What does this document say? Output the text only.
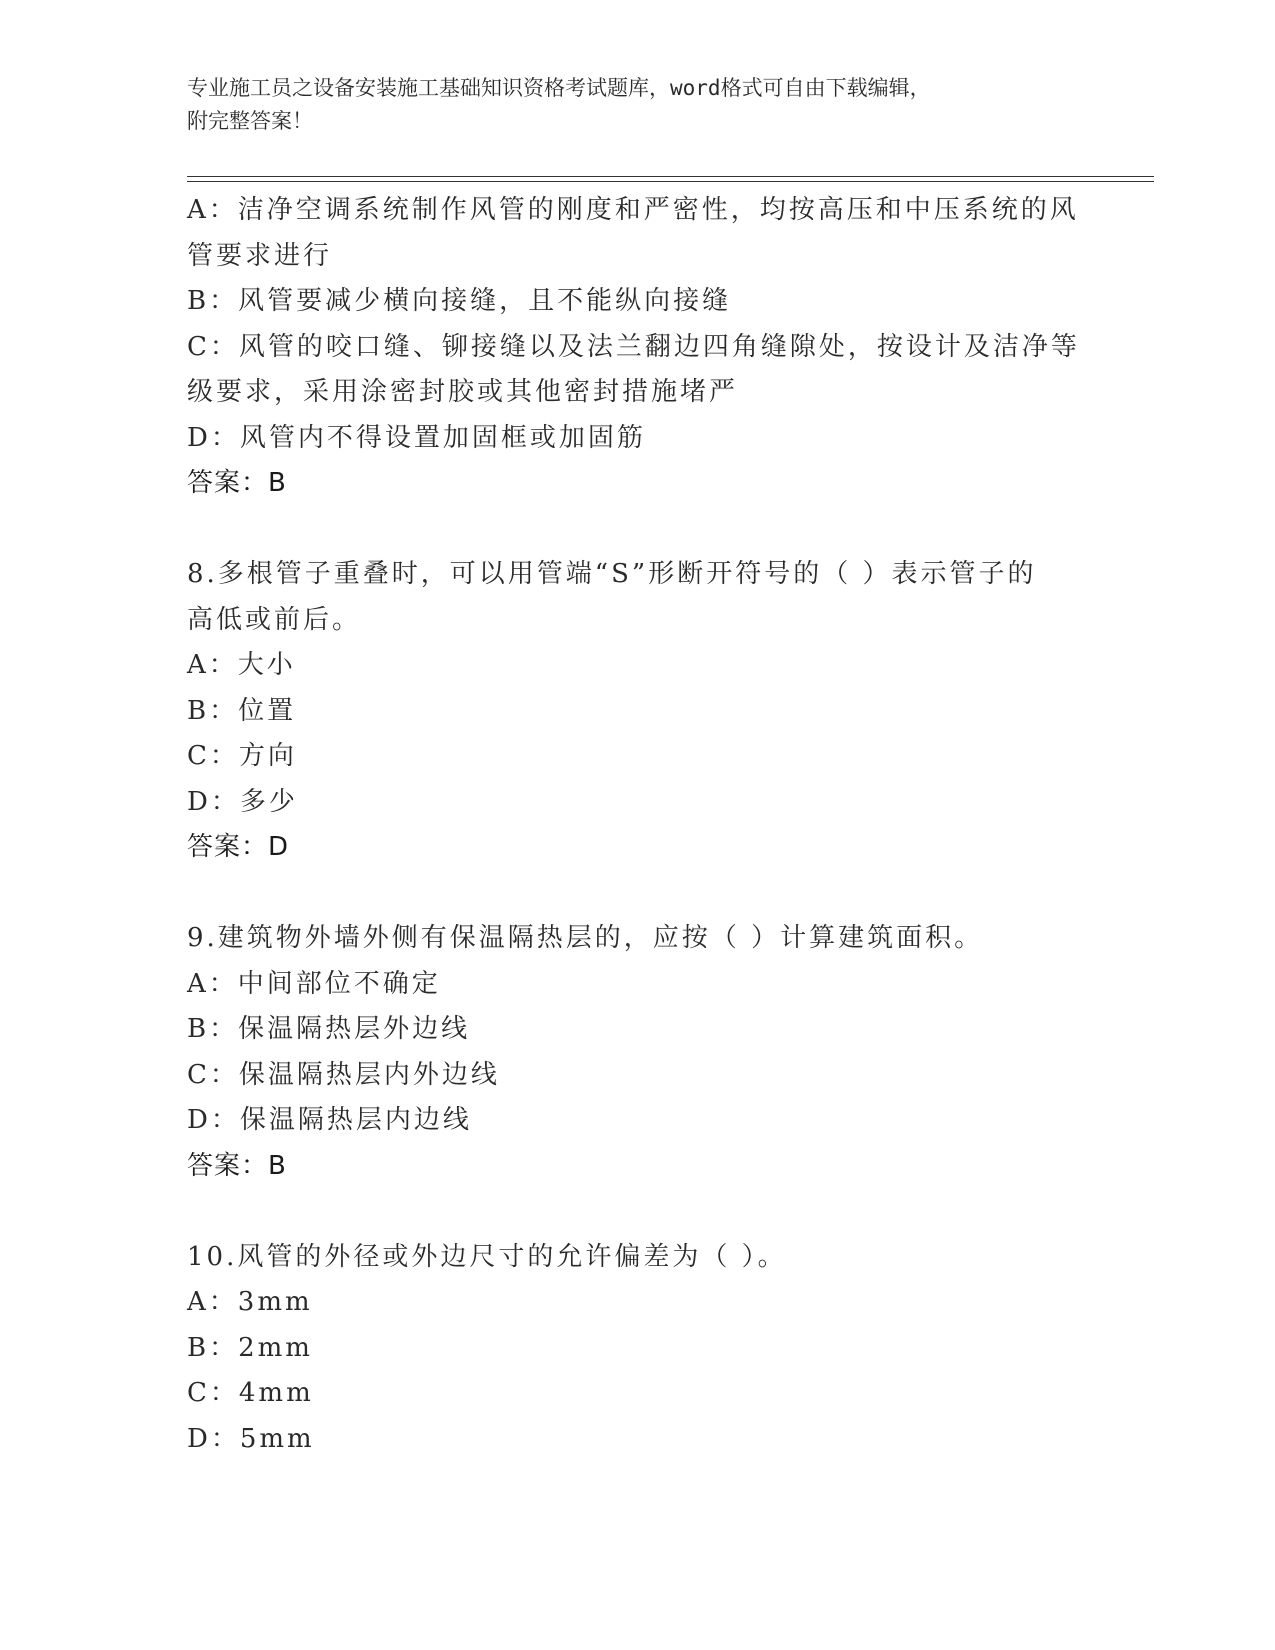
专业施工员之设备安装施工基础知识资格考试题库，word格式可自由下载编辑，
附完整答案！
A：洁净空调系统制作风管的刚度和严密性，均按高压和中压系统的风
管要求进行
B：风管要减少横向接缝，且不能纵向接缝
C：风管的咬口缝、铆接缝以及法兰翻边四角缝隙处，按设计及洁净等
级要求，采用涂密封胶或其他密封措施堵严
D：风管内不得设置加固框或加固筋
答案：B
8.多根管子重叠时，可以用管端“S”形断开符号的（ ）表示管子的
高低或前后。
A：大小
B：位置
C：方向
D：多少
答案：D
9.建筑物外墙外侧有保温隔热层的，应按（ ）计算建筑面积。
A：中间部位不确定
B：保温隔热层外边线
C：保温隔热层内外边线
D：保温隔热层内边线
答案：B
10.风管的外径或外边尺寸的允许偏差为（ ）。
A：3mm
B：2mm
C：4mm
D：5mm
